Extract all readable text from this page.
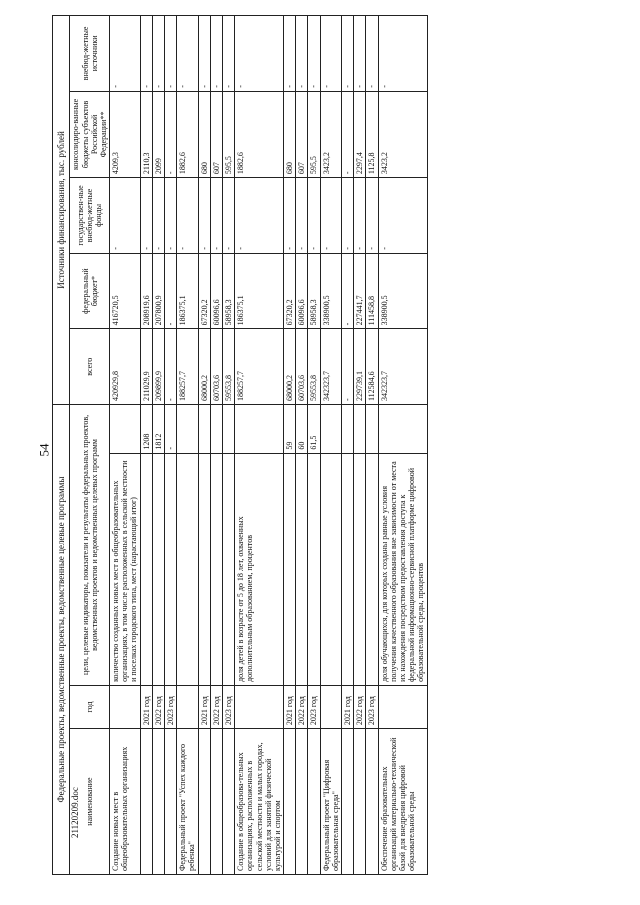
54
21120209.doc
Федеральные проекты, ведомственные проекты, ведомственные целевые программы				Источники финансирования, тыс. рублей				
наименование	год	цели, целевые индикаторы, показатели и результаты федеральных проектов, ведомственных проектов и ведомственных целевых программ		всего	федеральный бюджет*	государствен-ные внебюд-жетные фонды	консолидиро-ванные бюджеты субъектов Российской Федерации**	внебюд-жетные источники
Создание новых мест в общеобразовательных организациях		количество созданных новых мест в общеобразовательных организациях, в том числе расположенных в сельской местности и поселках городского типа, мест (нарастающий итог)		420929,8	416720,5	-	4209,3	-
	2021 год		1208	211029,9	208919,6	-	2110,3	-
	2022 год		1812	209899,9	207800,9	-	2099	-
	2023 год		-	-	-	-	-	-
Федеральный проект "Успех каждого ребенка"				188257,7	186375,1	-	1882,6	-
	2021 год			68000,2	67320,2	-	680	-
	2022 год			60703,6	60096,6	-	607	-
	2023 год			59553,8	58958,3	-	595,5	-
Создание в общеобразова-тельных организациях, расположенных в сельской местности и малых городах, условий для занятий физической культурой и спортом		доля детей в возрасте от 5 до 18 лет, охваченных дополнительным образованием, процентов		188257,7	186375,1	-	1882,6	-
	2021 год		59	68000,2	67320,2	-	680	-
	2022 год		60	60703,6	60096,6	-	607	-
	2023 год		61,5	59553,8	58958,3	-	595,5	-
Федеральный проект "Цифровая образовательная среда"				342323,7	338900,5	-	3423,2	-
	2021 год			-	-	-	-	-
	2022 год			229739,1	227441,7	-	2297,4	-
	2023 год			112584,6	111458,8	-	1125,8	-
Обеспечение образовательных организаций материально-технической базой для внедрения цифровой образовательной среды		доля обучающихся, для которых созданы равные условия получения качественного образования вне зависимости от места их нахождения посредством предоставления доступа к федеральной информационно-сервисной платформе цифровой образовательной среды, процентов		342323,7	338900,5	-	3423,2	-
